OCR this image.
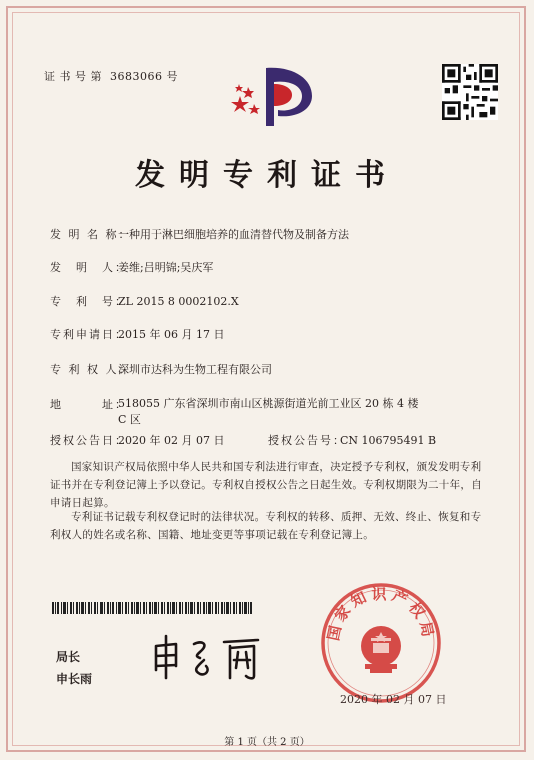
证 书 号 第 3683066 号
发明专利证书
发 明 名 称：一种用于淋巴细胞培养的血清替代物及制备方法
发　明　人：姜维;吕明锦;吴庆军
专　利　号：ZL 2015 8 0002102.X
专利申请日：2015 年 06 月 17 日
专 利 权 人：深圳市达科为生物工程有限公司
地　　　址：518055 广东省深圳市南山区桃源街道光前工业区 20 栋 4 楼 C 区
授权公告日：2020 年 02 月 07 日	授权公告号：CN 106795491 B
国家知识产权局依照中华人民共和国专利法进行审查，决定授予专利权，颁发发明专利证书并在专利登记簿上予以登记。专利权自授权公告之日起生效。专利权期限为二十年，自申请日起算。
专利证书记载专利权登记时的法律状况。专利权的转移、质押、无效、终止、恢复和专利权人的姓名或名称、国籍、地址变更等事项记载在专利登记簿上。
局长
申长雨
国家知识产权局
2020 年 02 月 07 日
第 1 页（共 2 页）
